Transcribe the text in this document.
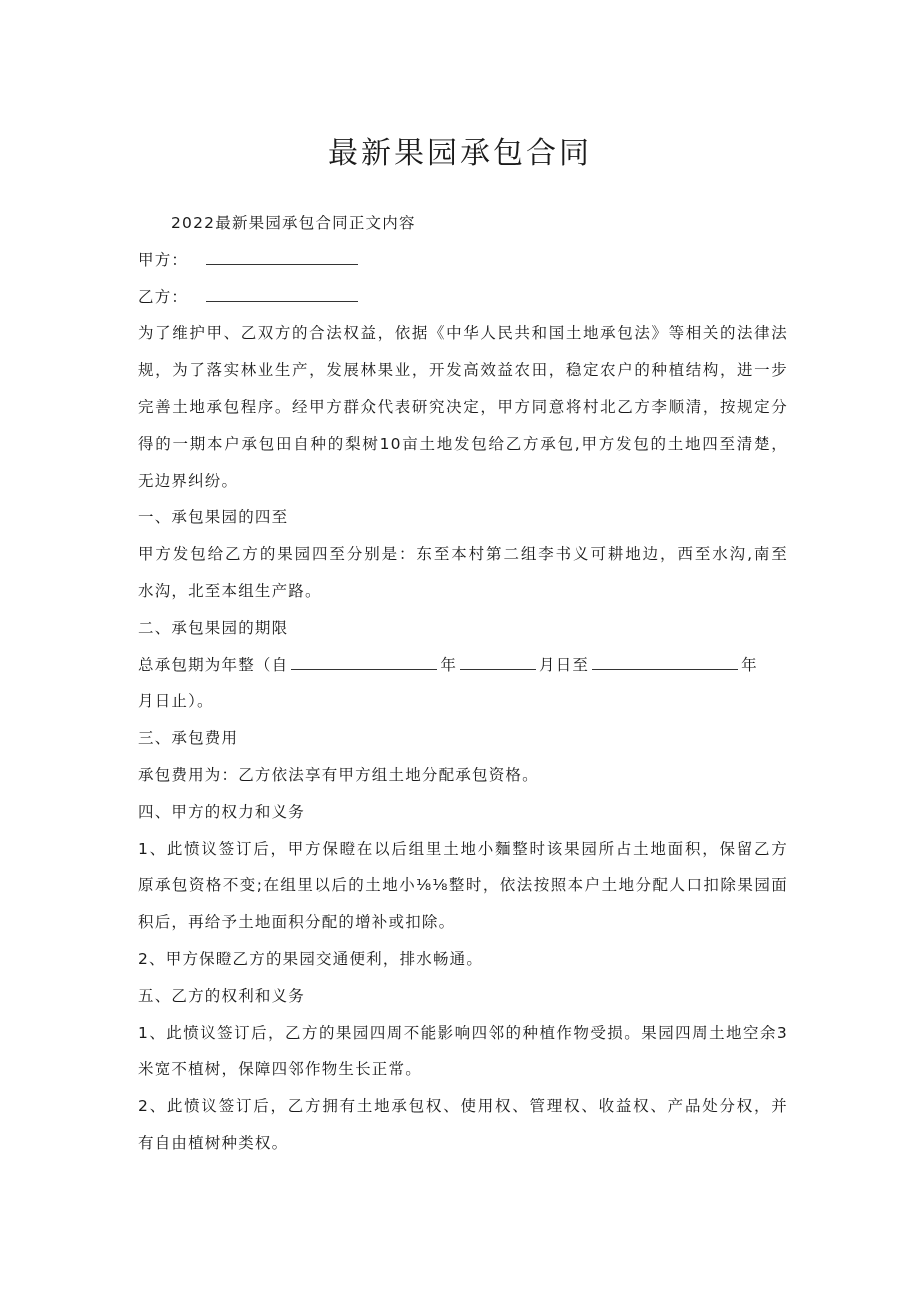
最新果园承包合同
2022最新果园承包合同正文内容
甲方：
乙方：
为了维护甲、乙双方的合法权益，依据《中华人民共和国土地承包法》等相关的法律法
规，为了落实林业生产，发展林果业，开发高效益农田，稳定农户的种植结构，进一步
完善土地承包程序。经甲方群众代表研究决定，甲方同意将村北乙方李顺清，按规定分
得的一期本户承包田自种的梨树10亩土地发包给乙方承包,甲方发包的土地四至清楚，
无边界纠纷。
一、承包果园的四至
甲方发包给乙方的果园四至分别是：东至本村第二组李书义可耕地边，西至水沟,南至
水沟，北至本组生产路。
二、承包果园的期限
总承包期为年整（自	年	月日至	年
月日止）。
三、承包费用
承包费用为：乙方依法享有甲方组土地分配承包资格。
四、甲方的权力和义务
1、此愤议签订后，甲方保瞪在以后组里土地小麵整时该果园所占土地面积，保留乙方
原承包资格不变;在组里以后的土地小⅛⅛整时，依法按照本户土地分配人口扣除果园面
积后，再给予土地面积分配的增补或扣除。
2、甲方保瞪乙方的果园交通便利，排水畅通。
五、乙方的权利和义务
1、此愤议签订后，乙方的果园四周不能影响四邻的种植作物受损。果园四周土地空余3
米宽不植树，保障四邻作物生长正常。
2、此愤议签订后，乙方拥有土地承包权、使用权、管理权、收益权、产品处分权，并
有自由植树种类权。
